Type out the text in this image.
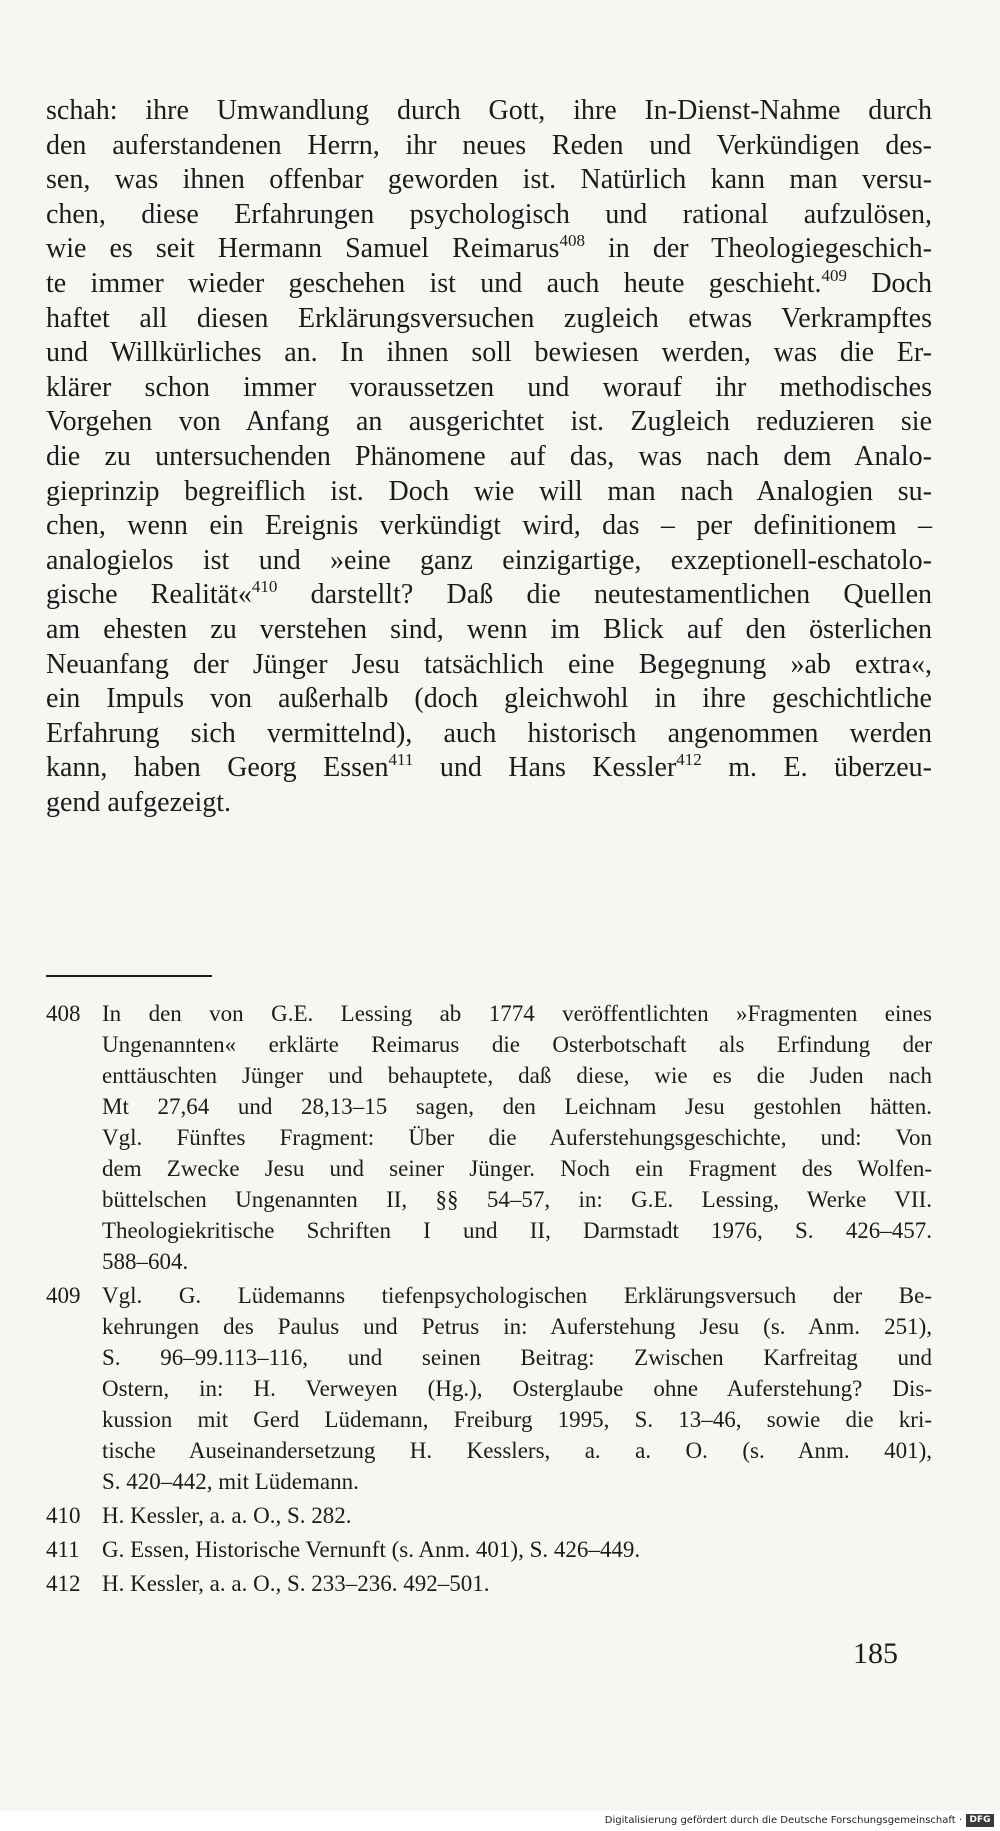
schah: ihre Umwandlung durch Gott, ihre In-Dienst-Nahme durch
den auferstandenen Herrn, ihr neues Reden und Verkündigen des-
sen, was ihnen offenbar geworden ist. Natürlich kann man versu-
chen, diese Erfahrungen psychologisch und rational aufzulösen,
wie es seit Hermann Samuel Reimarus$^{408}$ in der Theologiegeschich-
te immer wieder geschehen ist und auch heute geschieht.$^{409}$ Doch
haftet all diesen Erklärungsversuchen zugleich etwas Verkrampftes
und Willkürliches an. In ihnen soll bewiesen werden, was die Er-
klärer schon immer voraussetzen und worauf ihr methodisches
Vorgehen von Anfang an ausgerichtet ist. Zugleich reduzieren sie
die zu untersuchenden Phänomene auf das, was nach dem Analo-
gieprinzip begreiflich ist. Doch wie will man nach Analogien su-
chen, wenn ein Ereignis verkündigt wird, das – per definitionem –
analogielos ist und »eine ganz einzigartige, exzeptionell-eschatolo-
gische Realität«$^{410}$ darstellt? Daß die neutestamentlichen Quellen
am ehesten zu verstehen sind, wenn im Blick auf den österlichen
Neuanfang der Jünger Jesu tatsächlich eine Begegnung »ab extra«,
ein Impuls von außerhalb (doch gleichwohl in ihre geschichtliche
Erfahrung sich vermittelnd), auch historisch angenommen werden
kann, haben Georg Essen$^{411}$ und Hans Kessler$^{412}$ m. E. überzeu-
gend aufgezeigt.
408 In den von G.E. Lessing ab 1774 veröffentlichten »Fragmenten eines
Ungenannten« erklärte Reimarus die Osterbotschaft als Erfindung der
enttäuschten Jünger und behauptete, daß diese, wie es die Juden nach
Mt 27,64 und 28,13–15 sagen, den Leichnam Jesu gestohlen hätten.
Vgl. Fünftes Fragment: Über die Auferstehungsgeschichte, und: Von
dem Zwecke Jesu und seiner Jünger. Noch ein Fragment des Wolfen-
büttelschen Ungenannten II, §§ 54–57, in: G.E. Lessing, Werke VII.
Theologiekritische Schriften I und II, Darmstadt 1976, S. 426–457.
588–604.
409 Vgl. G. Lüdemanns tiefenpsychologischen Erklärungsversuch der Be-
kehrungen des Paulus und Petrus in: Auferstehung Jesu (s. Anm. 251),
S. 96–99.113–116, und seinen Beitrag: Zwischen Karfreitag und
Ostern, in: H. Verweyen (Hg.), Osterglaube ohne Auferstehung? Dis-
kussion mit Gerd Lüdemann, Freiburg 1995, S. 13–46, sowie die kri-
tische Auseinandersetzung H. Kesslers, a. a. O. (s. Anm. 401),
S. 420–442, mit Lüdemann.
410 H. Kessler, a. a. O., S. 282.
411 G. Essen, Historische Vernunft (s. Anm. 401), S. 426–449.
412 H. Kessler, a. a. O., S. 233–236. 492–501.
185
Digitalisierung gefördert durch die Deutsche Forschungsgemeinschaft · DFG
